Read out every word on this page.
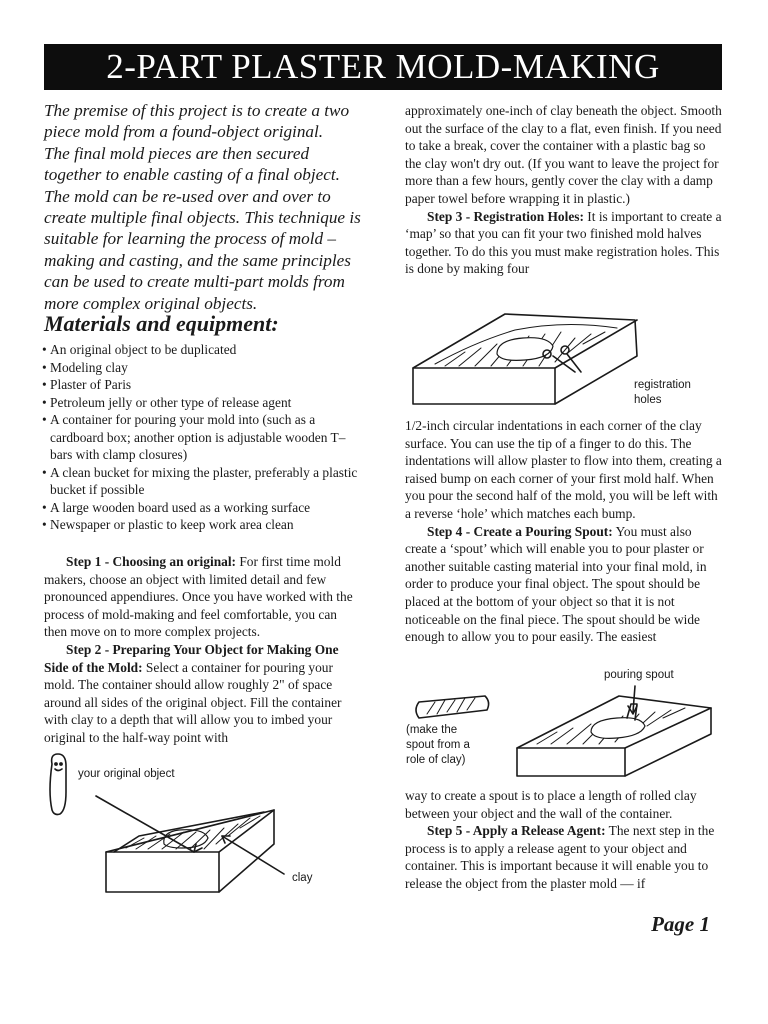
2-PART PLASTER MOLD-MAKING

The premise of this project is to create a two piece mold from a found-object original.

The final mold pieces are then secured together to enable casting of a final object. The mold can be re-used over and over to create multiple final objects. This technique is suitable for learning the process of mold –making and casting, and the same principles can be used to create multi-part molds from more complex original objects.

Materials and equipment:
• An original object to be duplicated
• Modeling clay
• Plaster of Paris
• Petroleum jelly or other type of release agent
• A container for pouring your mold into (such as a cardboard box; another option is adjustable wooden T–bars with clamp closures)
• A clean bucket for mixing the plaster, preferably a plastic bucket if possible
• A large wooden board used as a working surface
• Newspaper or plastic to keep work area clean

Step 1 - Choosing an original: For first time mold makers, choose an object with limited detail and few pronounced appendiures. Once you have worked with the process of mold-making and feel comfortable, you can then move on to more complex projects.

Step 2 - Preparing Your Object for Making One Side of the Mold: Select a container for pouring your mold. The container should allow roughly 2" of space around all sides of the original object. Fill the container with clay to a depth that will allow you to imbed your original to the half-way point with

your original object
clay

approximately one-inch of clay beneath the object. Smooth out the surface of the clay to a flat, even finish. If you need to take a break, cover the container with a plastic bag so the clay won't dry out. (If you want to leave the project for more than a few hours, gently cover the clay with a damp paper towel before wrapping it in plastic.)

Step 3 - Registration Holes: It is important to create a ‘map’ so that you can fit your two finished mold halves together. To do this you must make registration holes. This is done by making four

registration holes

1/2-inch circular indentations in each corner of the clay surface. You can use the tip of a finger to do this. The indentations will allow plaster to flow into them, creating a raised bump on each corner of your first mold half. When you pour the second half of the mold, you will be left with a reverse ‘hole’ which matches each bump.

Step 4 - Create a Pouring Spout: You must also create a ‘spout’ which will enable you to pour plaster or another suitable casting material into your final mold, in order to produce your final object. The spout should be placed at the bottom of your object so that it is not noticeable on the final piece. The spout should be wide enough to allow you to pour easily. The easiest

pouring spout
(make the spout from a role of clay)

way to create a spout is to place a length of rolled clay between your object and the wall of the container.

Step 5 - Apply a Release Agent: The next step in the process is to apply a release agent to your object and container. This is important because it will enable you to release the object from the plaster mold — if

Page 1
